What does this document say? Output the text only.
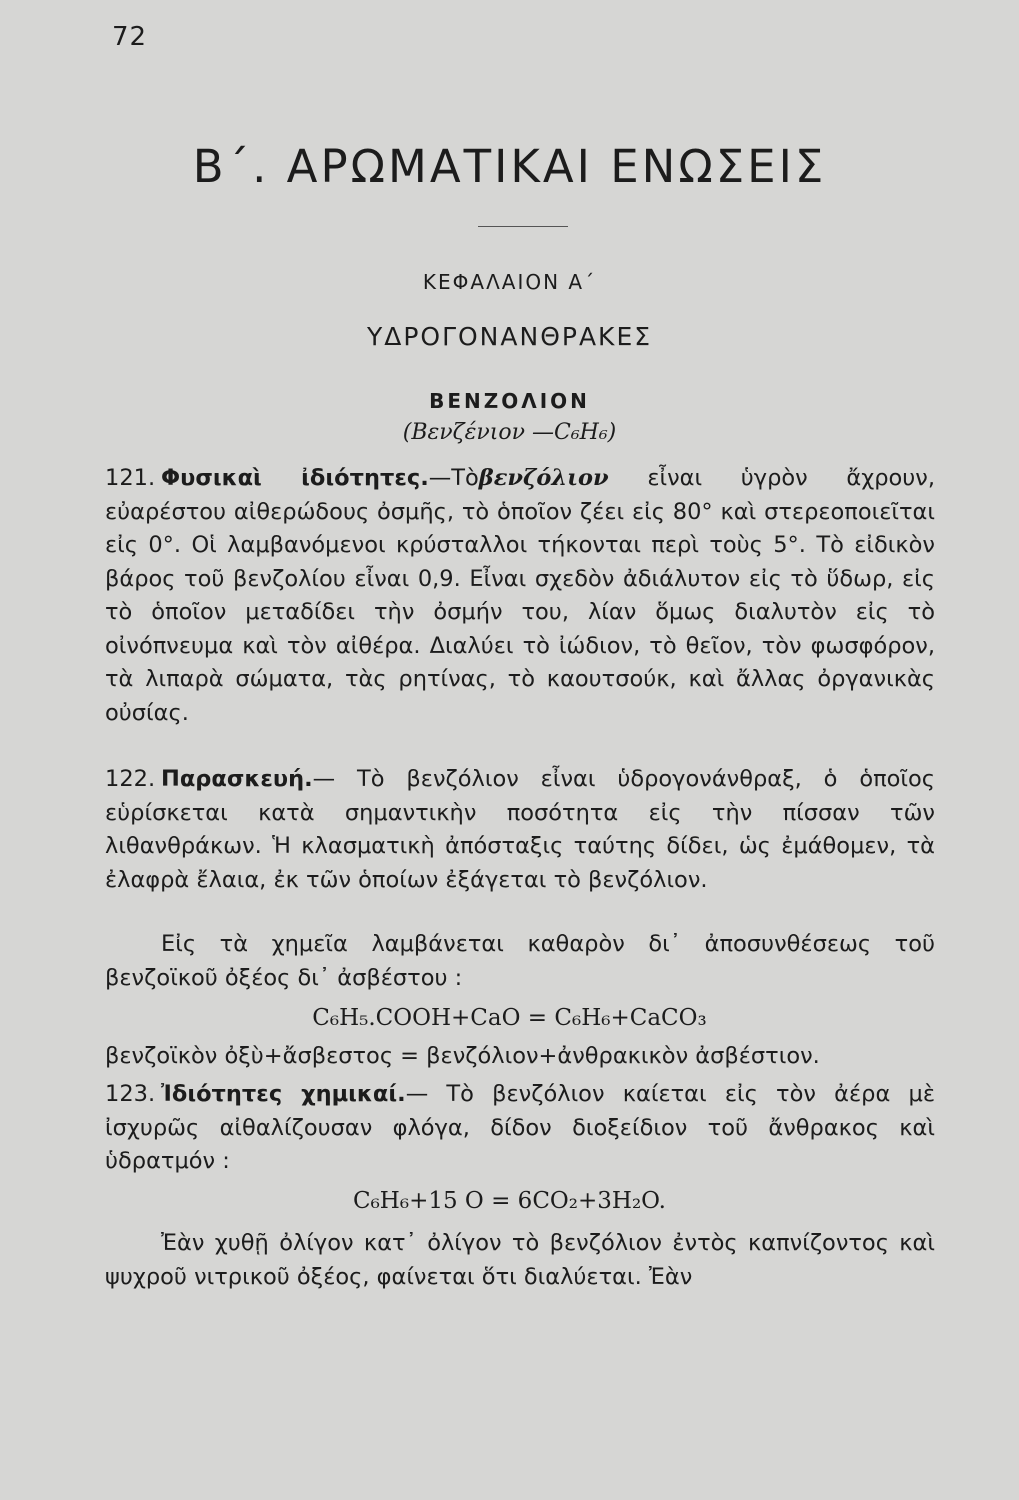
72
Β΄. ΑΡΩΜΑΤΙΚΑΙ ΕΝΩΣΕΙΣ
ΚΕΦΑΛΑΙΟΝ Α΄
ΥΔΡΟΓΟΝΑΝΘΡΑΚΕΣ
ΒΕΝΖΟΛΙΟΝ
(Βενζένιον —C₆H₆)

121. Φυσικαὶ ἰδιότητες.—Τὸβενζόλιον εἶναι ὑγρὸν ἄχρουν, εὐαρέστου αἰθερώδους ὀσμῆς, τὸ ὁποῖον ζέει εἰς 80° καὶ στερεοποιεῖται εἰς 0°. Οἱ λαμβανόμενοι κρύσταλλοι τήκονται περὶ τοὺς 5°. Τὸ εἰδικὸν βάρος τοῦ βενζολίου εἶναι 0,9. Εἶναι σχεδὸν ἀδιάλυτον εἰς τὸ ὕδωρ, εἰς τὸ ὁποῖον μεταδίδει τὴν ὀσμήν του, λίαν ὅμως διαλυτὸν εἰς τὸ οἰνόπνευμα καὶ τὸν αἰθέρα. Διαλύει τὸ ἰώδιον, τὸ θεῖον, τὸν φωσφόρον, τὰ λιπαρὰ σώματα, τὰς ρητίνας, τὸ καουτσούκ, καὶ ἄλλας ὀργανικὰς οὐσίας.

122. Παρασκευή.— Τὸ βενζόλιον εἶναι ὑδρογονάνθραξ, ὁ ὁποῖος εὑρίσκεται κατὰ σημαντικὴν ποσότητα εἰς τὴν πίσσαν τῶν λιθανθράκων. Ἡ κλασματικὴ ἀπόσταξις ταύτης δίδει, ὡς ἐμάθομεν, τὰ ἐλαφρὰ ἔλαια, ἐκ τῶν ὁποίων ἐξάγεται τὸ βενζόλιον.

Εἰς τὰ χημεῖα λαμβάνεται καθαρὸν δι᾽ ἀποσυνθέσεως τοῦ βενζοϊκοῦ ὀξέος δι᾽ ἀσβέστου :

C₆H₅.COOH+CaO = C₆H₆+CaCO₃

βενζοϊκὸν ὀξὺ+ἄσβεστος = βενζόλιον+ἀνθρακικὸν ἀσβέστιον.

123. Ἰδιότητες χημικαί.— Τὸ βενζόλιον καίεται εἰς τὸν ἀέρα μὲ ἰσχυρῶς αἰθαλίζουσαν φλόγα, δίδον διοξείδιον τοῦ ἄνθρακος καὶ ὑδρατμόν :

C₆H₆+15 O = 6CO₂+3H₂O.

Ἐὰν χυθῇ ὀλίγον κατ᾽ ὀλίγον τὸ βενζόλιον ἐντὸς καπνίζοντος καὶ ψυχροῦ νιτρικοῦ ὀξέος, φαίνεται ὅτι διαλύεται. Ἐὰν
